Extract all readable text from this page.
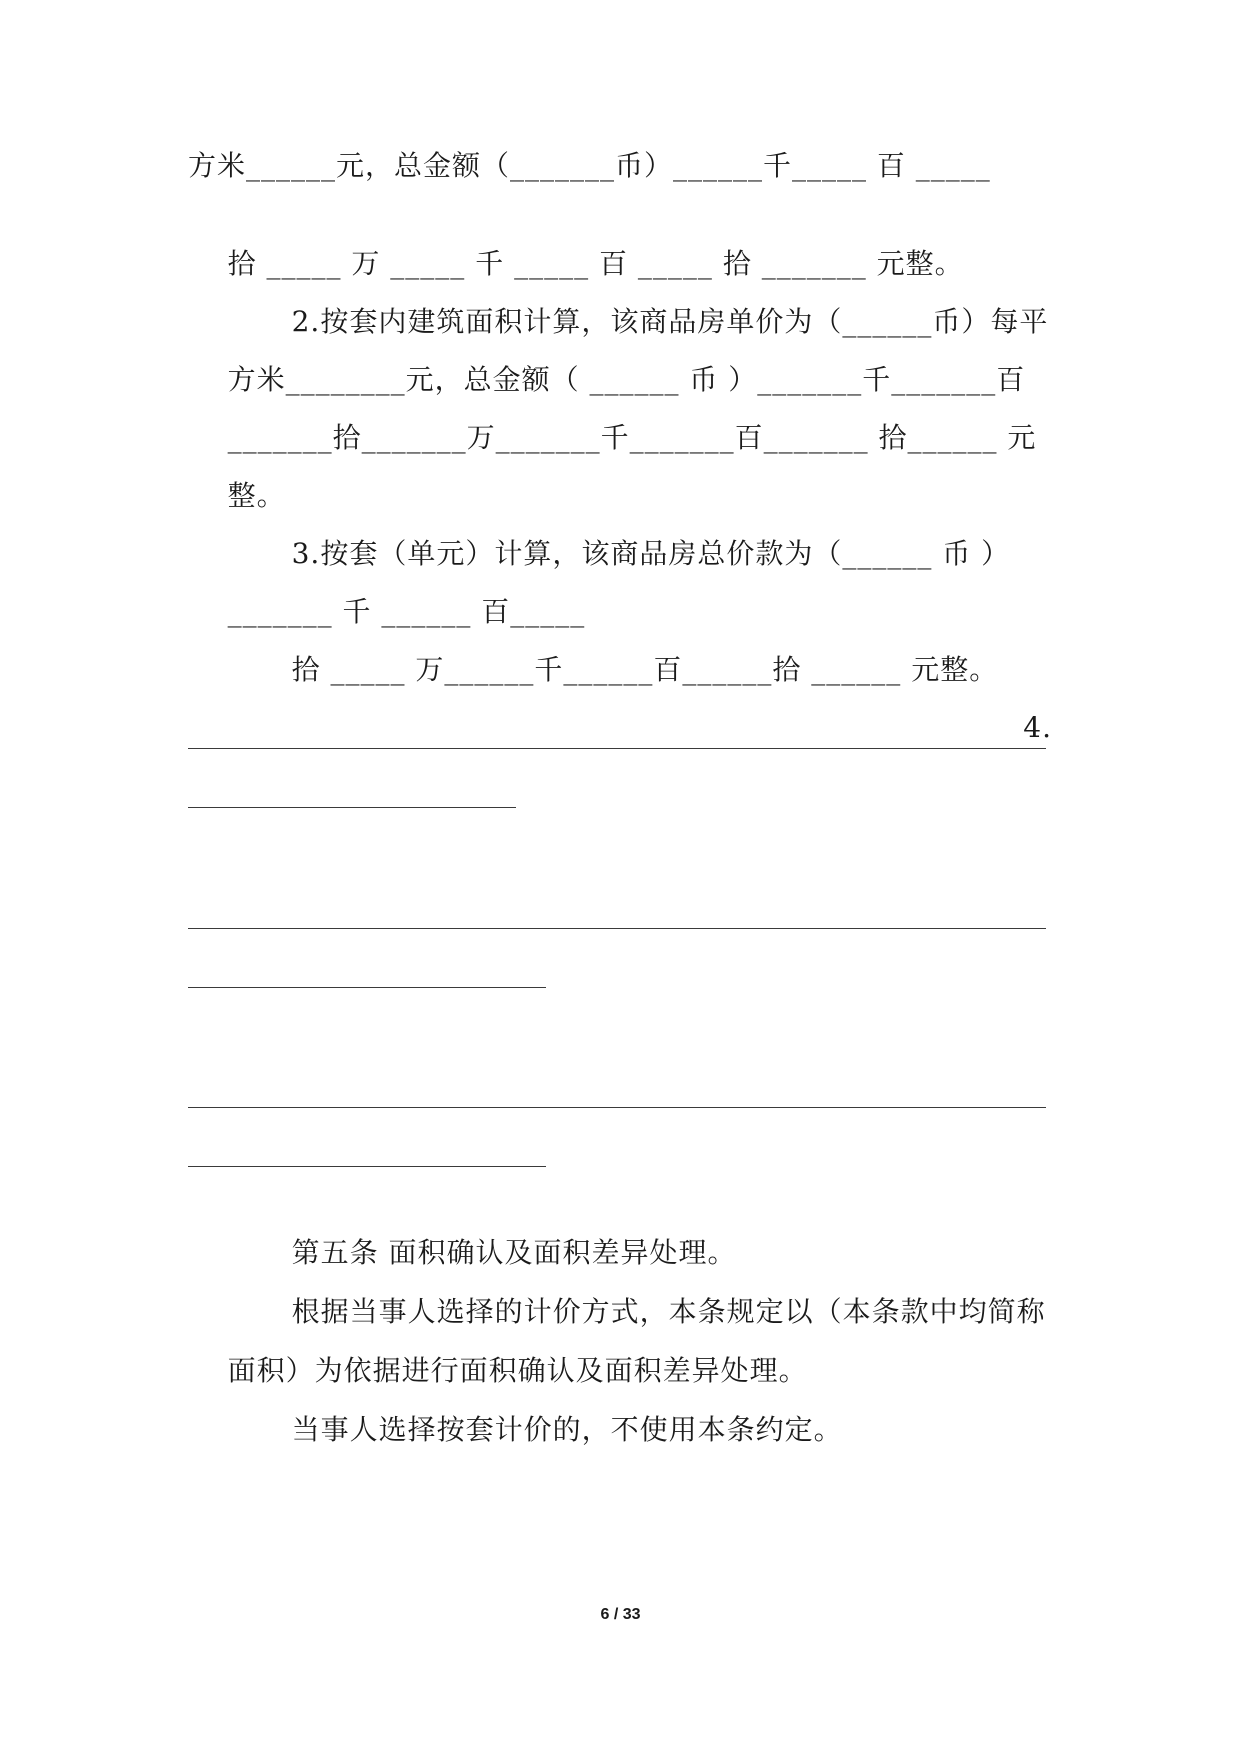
方米______元，总金额（_______币）______千_____ 百 _____

拾 _____ 万 _____ 千 _____ 百 _____ 拾 _______ 元整。

2.按套内建筑面积计算，该商品房单价为（______币）每平

方米________元，总金额（ ______ 币 ）_______千_______百

_______拾_______万_______千_______百_______ 拾______ 元

整。

3.按套（单元）计算，该商品房总价款为（______ 币 ）

_______ 千 ______ 百_____

拾 _____ 万______千______百______拾 ______ 元整。

4.

第五条 面积确认及面积差异处理。

根据当事人选择的计价方式，本条规定以（本条款中均简称

面积）为依据进行面积确认及面积差异处理。

当事人选择按套计价的，不使用本条约定。

6 / 33
